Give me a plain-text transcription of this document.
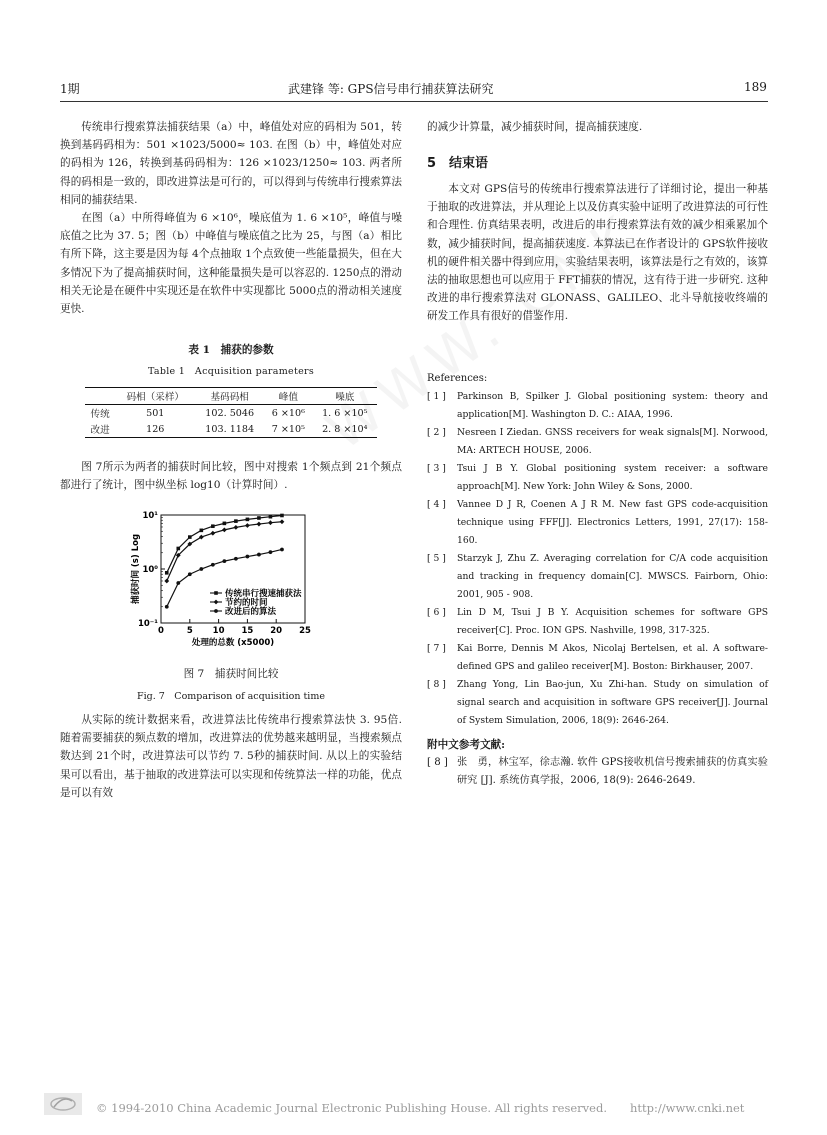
1期	武建锋 等: GPS信号串行捕获算法研究	189

传统串行搜索算法捕获结果（a）中，峰值处对应的码相为 501，转换到基码码相为：501 ×1023/5000≈ 103. 在图（b）中，峰值处对应的码相为 126，转换到基码码相为：126 ×1023/1250≈ 103. 两者所得的码相是一致的，即改进算法是可行的，可以得到与传统串行搜索算法相同的捕获结果.

在图（a）中所得峰值为 6 ×10⁶，噪底值为 1. 6 ×10⁵，峰值与噪底值之比为 37. 5；图（b）中峰值与噪底值之比为 25，与图（a）相比有所下降，这主要是因为每 4个点抽取 1个点致使一些能量损失，但在大多情况下为了提高捕获时间，这种能量损失是可以容忍的. 1250点的滑动相关无论是在硬件中实现还是在软件中实现都比 5000点的滑动相关速度更快.

表 1　捕获的参数
Table 1　Acquisition parameters
	码相（采样）	基码码相	峰值	噪底
传统	501	102. 5046	6 ×10⁶	1. 6 ×10⁵
改进	126	103. 1184	7 ×10⁵	2. 8 ×10⁴

图 7所示为两者的捕获时间比较，图中对搜索 1个频点到 21个频点都进行了统计，图中纵坐标 log10（计算时间）.

10¹
10⁰
10⁻¹
0	5 10 15 20 25
处理的总数 (x5000)
捕获时间 (s) Log	传统串行搜速捕获法
节约的时间
改进后的算法
图 7　捕获时间比较
Fig. 7　Comparison of acquisition time

从实际的统计数据来看，改进算法比传统串行搜索算法快 3. 95倍. 随着需要捕获的频点数的增加，改进算法的优势越来越明显，当搜索频点数达到 21个时，改进算法可以节约 7. 5秒的捕获时间. 从以上的实验结果可以看出，基于抽取的改进算法可以实现和传统算法一样的功能，优点是可以有效

的减少计算量，减少捕获时间，提高捕获速度.

5　结束语

本文对 GPS信号的传统串行搜索算法进行了详细讨论，提出一种基于抽取的改进算法，并从理论上以及仿真实验中证明了改进算法的可行性和合理性. 仿真结果表明，改进后的串行搜索算法有效的减少相乘累加个数，减少捕获时间，提高捕获速度. 本算法已在作者设计的 GPS软件接收机的硬件相关器中得到应用，实验结果表明，该算法是行之有效的，该算法的抽取思想也可以应用于 FFT捕获的情况，这有待于进一步研究. 这种改进的串行搜索算法对 GLONASS、GALILEO、北斗导航接收终端的研发工作具有很好的借鉴作用.

References:
[ 1 ] Parkinson B, Spilker J. Global positioning system: theory and application[M]. Washington D. C.: AIAA, 1996.
[ 2 ] Nesreen I Ziedan. GNSS receivers for weak signals[M]. Norwood, MA: ARTECH HOUSE, 2006.
[ 3 ] Tsui J B Y. Global positioning system receiver: a software approach[M]. New York: John Wiley & Sons, 2000.
[ 4 ] Vannee D J R, Coenen A J R M. New fast GPS code-acquisition technique using FFF[J]. Electronics Letters, 1991, 27(17): 158-160.
[ 5 ] Starzyk J, Zhu Z. Averaging correlation for C/A code acquisition and tracking in frequency domain[C]. MWSCS. Fairborn, Ohio: 2001, 905 - 908.
[ 6 ] Lin D M, Tsui J B Y. Acquisition schemes for software GPS receiver[C]. Proc. ION GPS. Nashville, 1998, 317-325.
[ 7 ] Kai Borre, Dennis M Akos, Nicolaj Bertelsen, et al. A software-defined GPS and galileo receiver[M]. Boston: Birkhauser, 2007.
[ 8 ] Zhang Yong, Lin Bao-jun, Xu Zhi-han. Study on simulation of signal search and acquisition in software GPS receiver[J]. Journal of System Simulation, 2006, 18(9): 2646-264.
附中文参考文献:
[ 8 ] 张　勇，林宝军，徐志瀚. 软件 GPS接收机信号搜索捕获的仿真实验研究 [J]. 系统仿真学报，2006, 18(9): 2646-2649.
© 1994-2010 China Academic Journal Electronic Publishing House. All rights reserved.　　http://www.cnki.net
